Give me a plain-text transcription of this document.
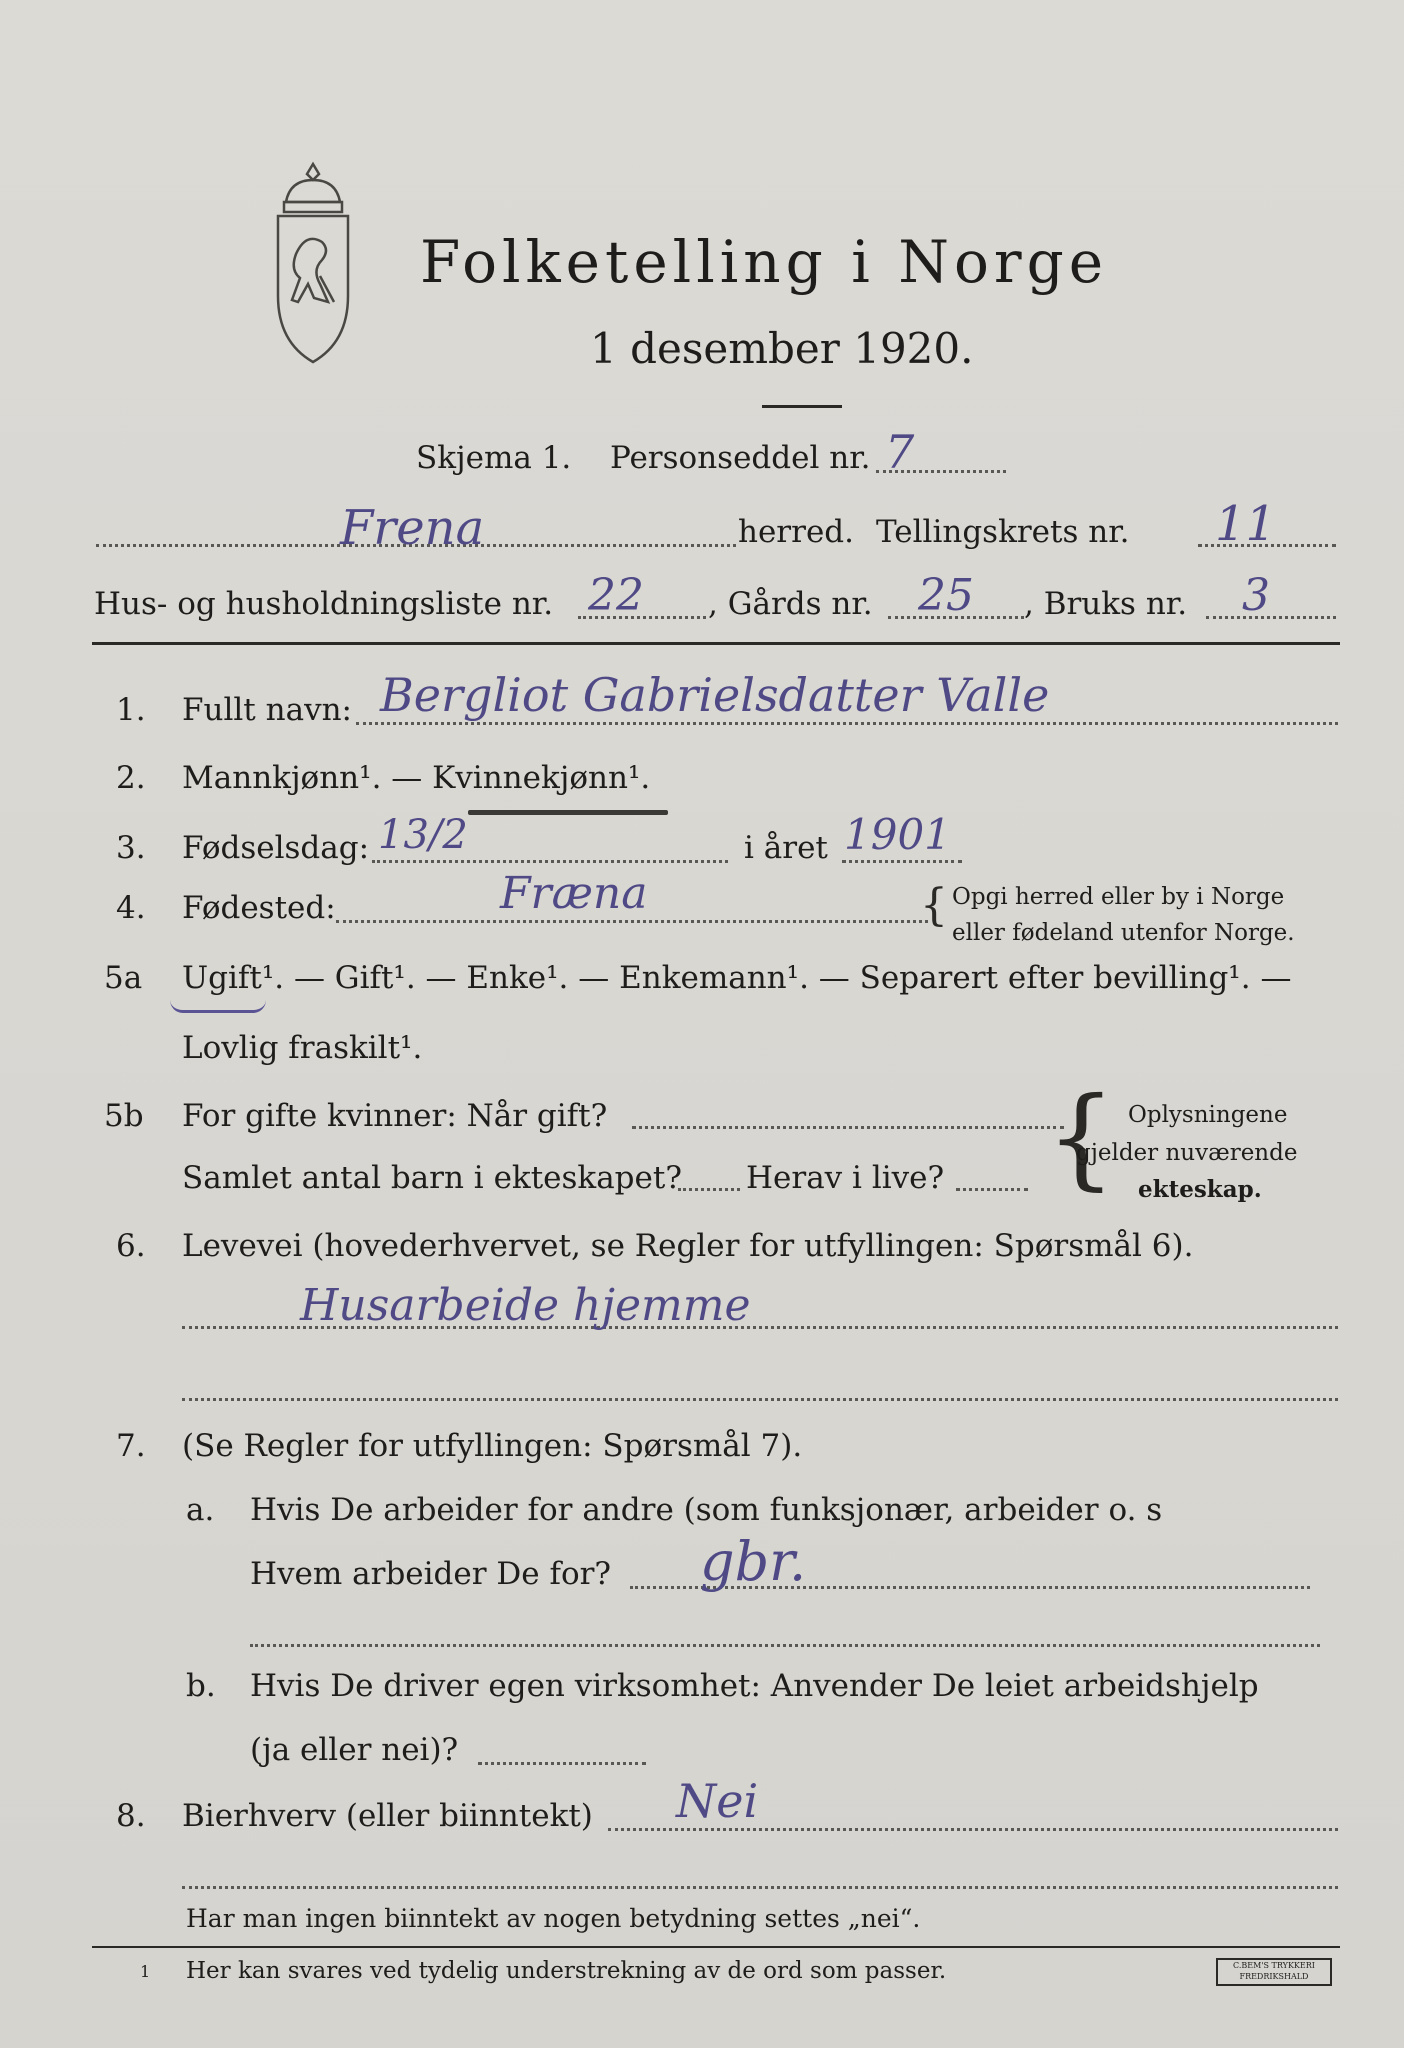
Folketelling i Norge
1 desember 1920.
Skjema 1. Personseddel nr. 7
Frena	herred. Tellingskrets nr. 11
Hus- og husholdningsliste nr. 22 , Gårds nr. 25 , Bruks nr. 3
1. Fullt navn: Bergliot Gabrielsdatter Valle
2. Mannkjønn¹. — Kvinnekjønn¹.
3. Fødselsdag: 13/2	i året 1901
4. Fødested:	Fræna	{ Opgi herred eller by i Norge
eller fødeland utenfor Norge.
5a Ugift¹. — Gift¹. — Enke¹. — Enkemann¹. — Separert efter bevilling¹. —
Lovlig fraskilt¹.
5b For gifte kvinner: Når gift?
Samlet antal barn i ekteskapet? Herav i live? { Oplysningene
gjelder nuværende
ekteskap.
6. Levevei (hovederhvervet, se Regler for utfyllingen: Spørsmål 6).
Husarbeide hjemme
7. (Se Regler for utfyllingen: Spørsmål 7).
a. Hvis De arbeider for andre (som funksjonær, arbeider o. s
Hvem arbeider De for? gbr.
b. Hvis De driver egen virksomhet: Anvender De leiet arbeidshjelp
(ja eller nei)?
8. Bierhverv (eller biinntekt) Nei
Har man ingen biinntekt av nogen betydning settes „nei“.
1 Her kan svares ved tydelig understrekning av de ord som passer.	C.BEM'S TRYKKERI
FREDRIKSHALD
